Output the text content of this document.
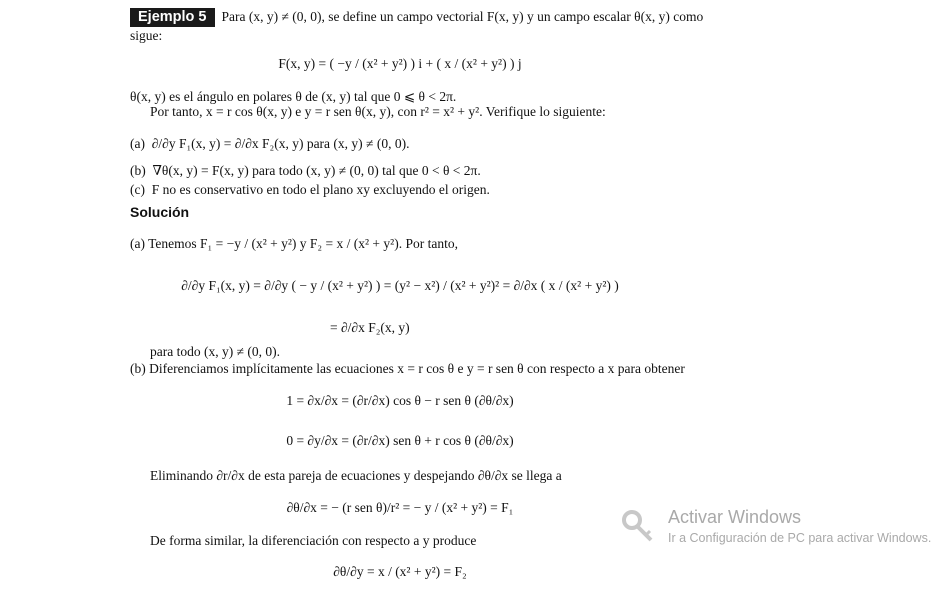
Ejemplo 5 Para (x, y) ≠ (0, 0), se define un campo vectorial F(x, y) y un campo escalar θ(x, y) como
sigue:
F(x, y) = ( −y / (x² + y²) ) i + ( x / (x² + y²) ) j
θ(x, y) es el ángulo en polares θ de (x, y) tal que 0 ⩽ θ < 2π.
Por tanto, x = r cos θ(x, y) e y = r sen θ(x, y), con r² = x² + y². Verifique lo siguiente:
(a) ∂/∂y F₁(x, y) = ∂/∂x F₂(x, y) para (x, y) ≠ (0, 0).
(b) ∇θ(x, y) = F(x, y) para todo (x, y) ≠ (0, 0) tal que 0 < θ < 2π.
(c) F no es conservativo en todo el plano xy excluyendo el origen.
Solución
(a) Tenemos F₁ = −y / (x² + y²) y F₂ = x / (x² + y²). Por tanto,
∂/∂y F₁(x, y) = ∂/∂y ( − y / (x² + y²) ) = (y² − x²) / (x² + y²)² = ∂/∂x ( x / (x² + y²) )
= ∂/∂x F₂(x, y)
para todo (x, y) ≠ (0, 0).
(b) Diferenciamos implícitamente las ecuaciones x = r cos θ e y = r sen θ con respecto a x para obtener
1 = ∂x/∂x = (∂r/∂x) cos θ − r sen θ (∂θ/∂x)
0 = ∂y/∂x = (∂r/∂x) sen θ + r cos θ (∂θ/∂x)
Eliminando ∂r/∂x de esta pareja de ecuaciones y despejando ∂θ/∂x se llega a
∂θ/∂x = − (r sen θ)/r² = − y / (x² + y²) = F₁
De forma similar, la diferenciación con respecto a y produce
∂θ/∂y = x / (x² + y²) = F₂
Activar Windows
Ir a Configuración de PC para activar Windows.
